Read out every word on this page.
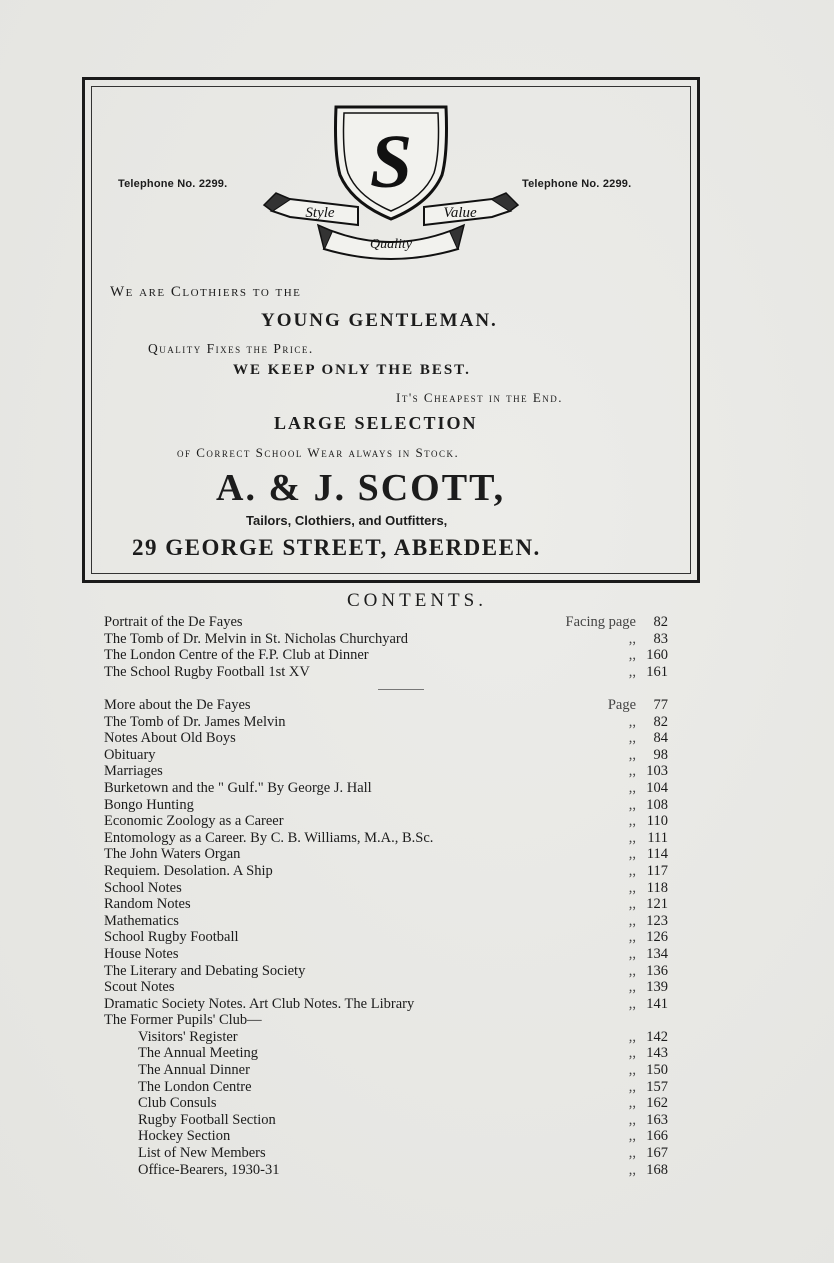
Telephone No. 2299.	Telephone No. 2299.
S
Style	Value
Quality
We are Clothiers to the
YOUNG GENTLEMAN.
Quality Fixes the Price.
WE KEEP ONLY THE BEST.
It's Cheapest in the End.
LARGE SELECTION
of Correct School Wear always in Stock.
A. & J. SCOTT,
Tailors, Clothiers, and Outfitters,
29 GEORGE STREET, ABERDEEN.
CONTENTS.
Portrait of the De Fayes	Facing page 82
The Tomb of Dr. Melvin in St. Nicholas Churchyard	,, 83
The London Centre of the F.P. Club at Dinner	,, 160
The School Rugby Football 1st XV	,, 161
More about the De Fayes	Page 77
The Tomb of Dr. James Melvin	,, 82
Notes About Old Boys	,, 84
Obituary	,, 98
Marriages	,, 103
Burketown and the " Gulf." By George J. Hall	,, 104
Bongo Hunting	,, 108
Economic Zoology as a Career	,, 110
Entomology as a Career. By C. B. Williams, M.A., B.Sc.	,, 111
The John Waters Organ	,, 114
Requiem. Desolation. A Ship	,, 117
School Notes	,, 118
Random Notes	,, 121
Mathematics	,, 123
School Rugby Football	,, 126
House Notes	,, 134
The Literary and Debating Society	,, 136
Scout Notes	,, 139
Dramatic Society Notes. Art Club Notes. The Library	,, 141
The Former Pupils' Club—
Visitors' Register	,, 142
The Annual Meeting	,, 143
The Annual Dinner	,, 150
The London Centre	,, 157
Club Consuls	,, 162
Rugby Football Section	,, 163
Hockey Section	,, 166
List of New Members	,, 167
Office-Bearers, 1930-31	,, 168
